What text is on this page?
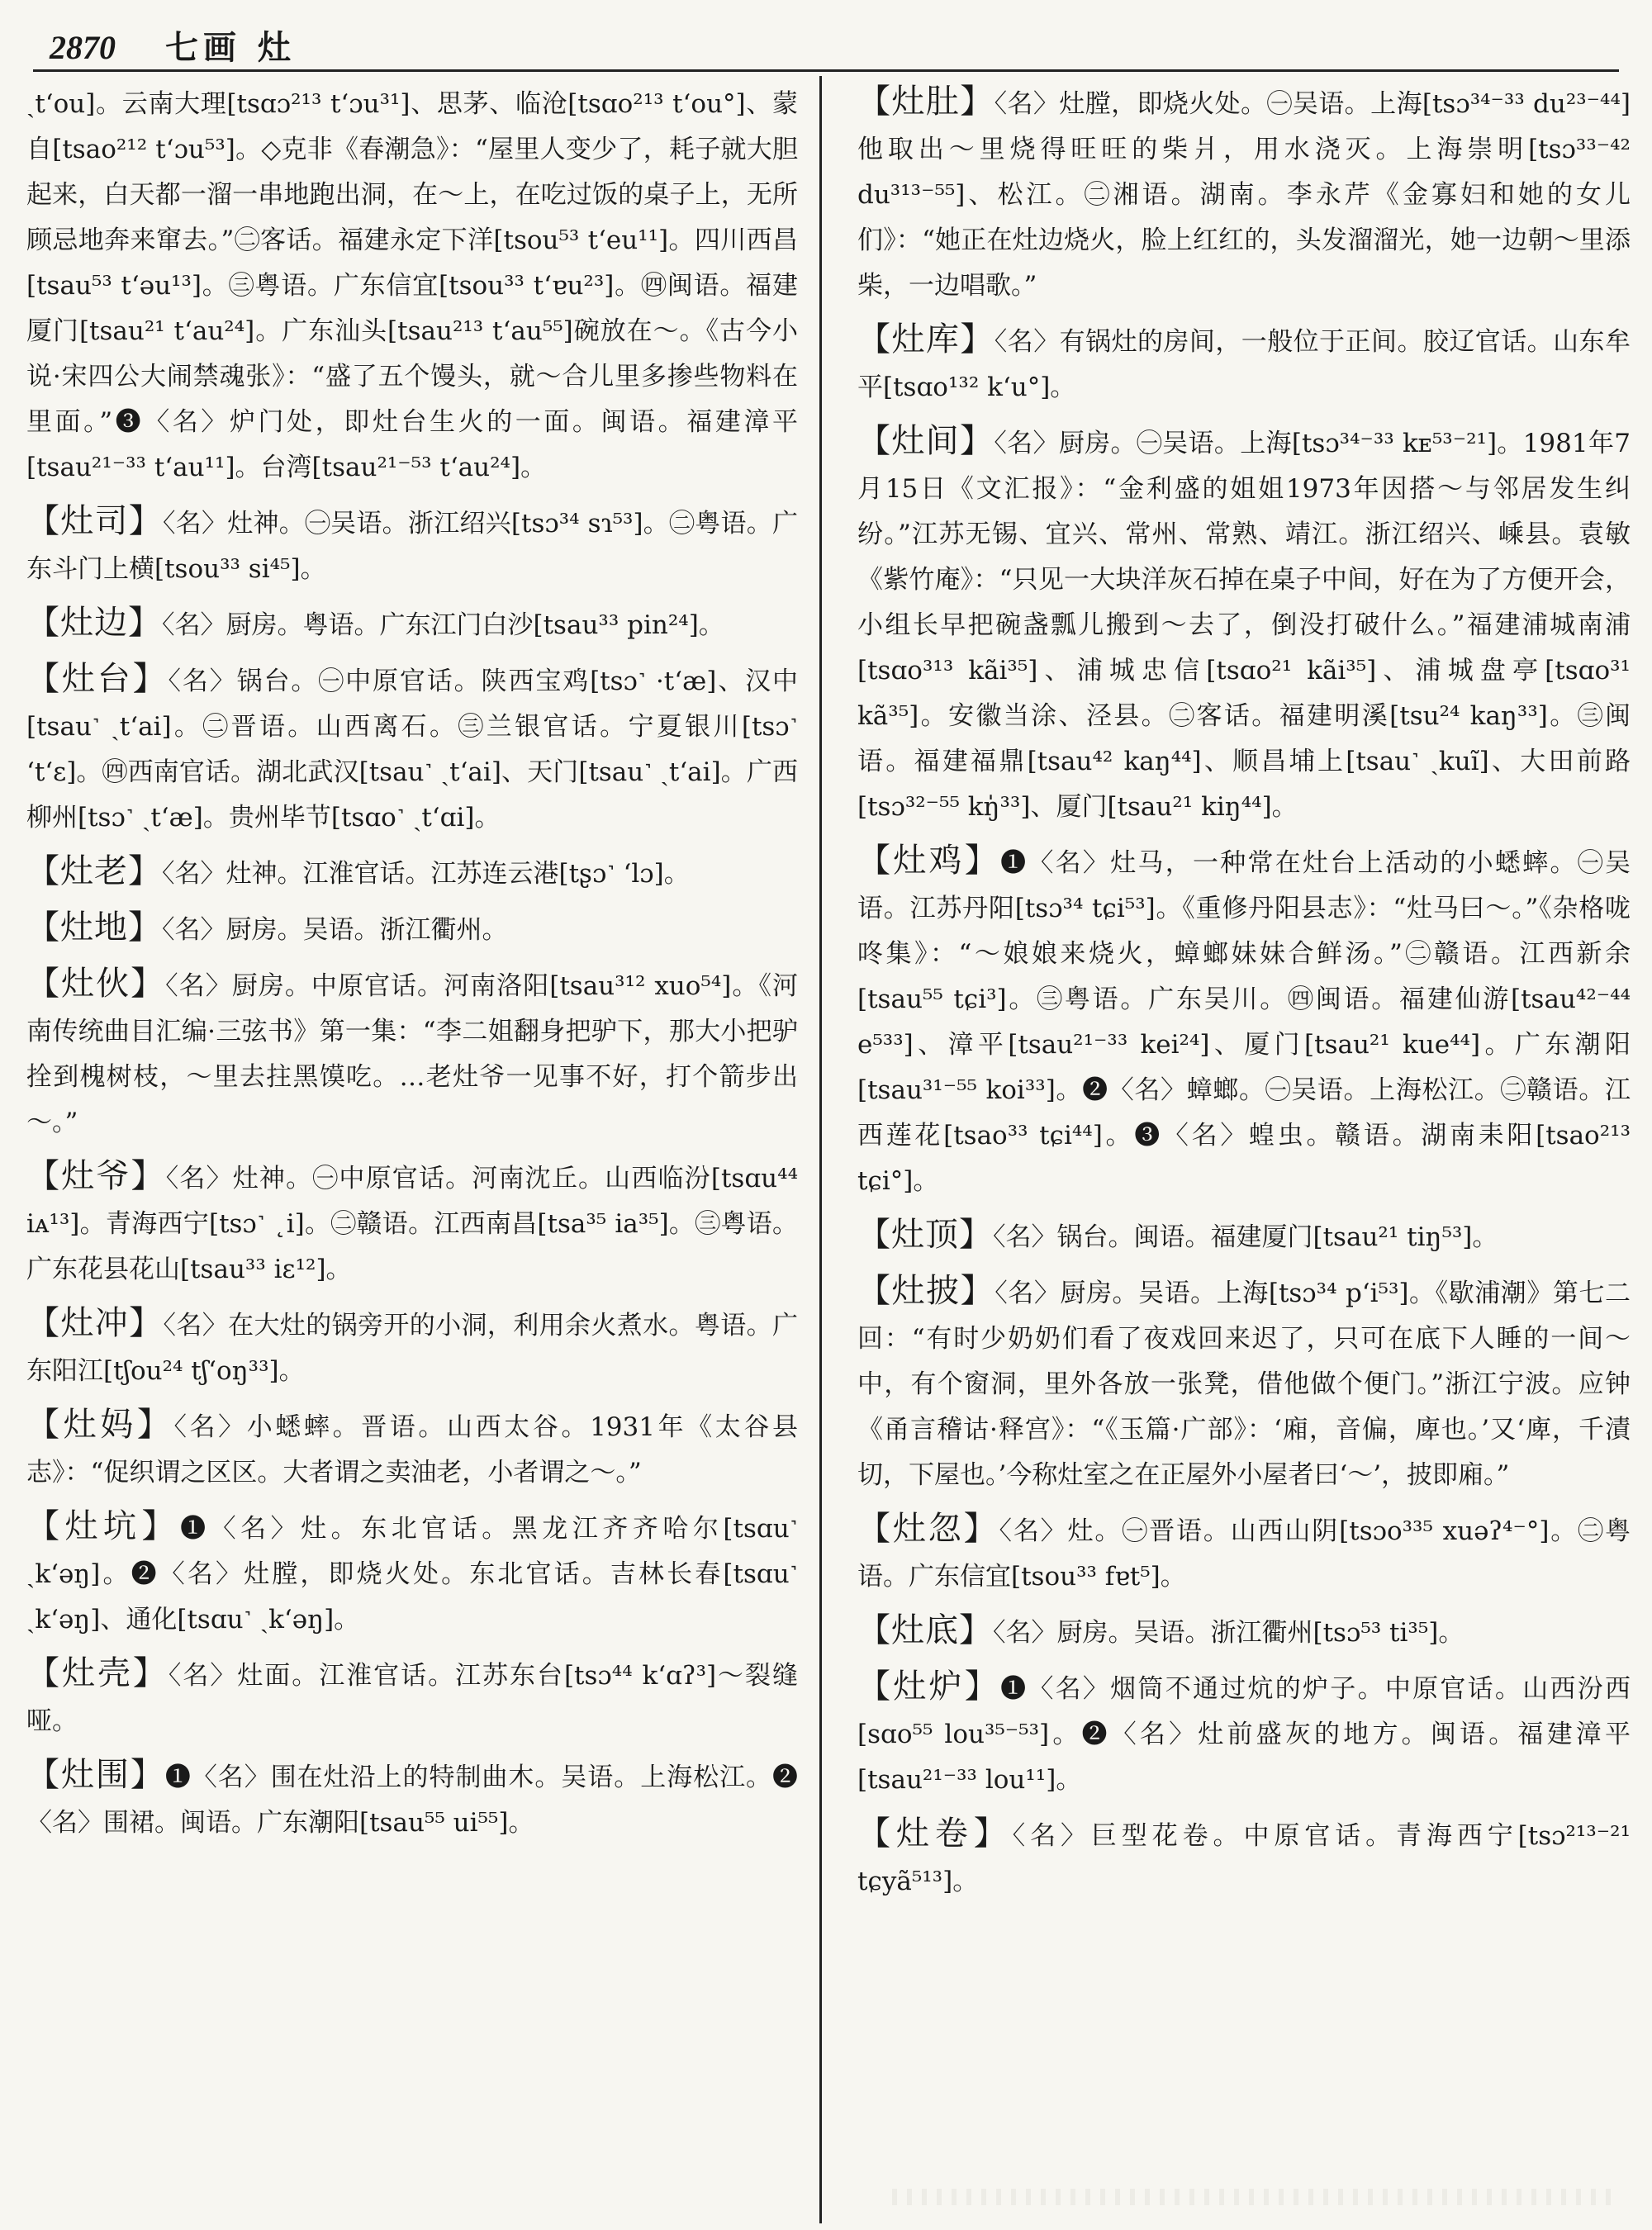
2870 七画 灶

ˏt‘ou]。云南大理[tsɑɔ²¹³ t‘ɔu³¹]、思茅、临沧[tsɑo²¹³ t‘ou°]、蒙自[tsao²¹² t‘ɔu⁵³]。◇克非《春潮急》：“屋里人变少了，耗子就大胆起来，白天都一溜一串地跑出洞，在～上，在吃过饭的桌子上，无所顾忌地奔来窜去。”㊁客话。福建永定下洋[tsou⁵³ t‘eu¹¹]。四川西昌[tsau⁵³ t‘əu¹³]。㊂粤语。广东信宜[tsou³³ t‘ɐu²³]。㊃闽语。福建厦门[tsau²¹ t‘au²⁴]。广东汕头[tsau²¹³ t‘au⁵⁵]碗放在～。《古今小说·宋四公大闹禁魂张》：“盛了五个馒头，就～合儿里多掺些物料在里面。”❸〈名〉炉门处，即灶台生火的一面。闽语。福建漳平[tsau²¹⁻³³ t‘au¹¹]。台湾[tsau²¹⁻⁵³ t‘au²⁴]。

【灶司】〈名〉灶神。㊀吴语。浙江绍兴[tsɔ³⁴ sɿ⁵³]。㊁粤语。广东斗门上横[tsou³³ si⁴⁵]。

【灶边】〈名〉厨房。粤语。广东江门白沙[tsau³³ pin²⁴]。

【灶台】〈名〉锅台。㊀中原官话。陕西宝鸡[tsɔ˺ ·t‘æ]、汉中[tsau˺ ˏt‘ai]。㊁晋语。山西离石。㊂兰银官话。宁夏银川[tsɔ˺ ‘t‘ɛ]。㊃西南官话。湖北武汉[tsau˺ ˏt‘ai]、天门[tsau˺ ˏt‘ai]。广西柳州[tsɔ˺ ˏt‘æ]。贵州毕节[tsɑo˺ ˏt‘ɑi]。

【灶老】〈名〉灶神。江淮官话。江苏连云港[tʂɔ˺ ‘lɔ]。

【灶地】〈名〉厨房。吴语。浙江衢州。

【灶伙】〈名〉厨房。中原官话。河南洛阳[tsau³¹² xuo⁵⁴]。《河南传统曲目汇编·三弦书》第一集：“李二姐翻身把驴下，那大小把驴拴到槐树枝，～里去拄黑馍吃。…老灶爷一见事不好，打个箭步出～。”

【灶爷】〈名〉灶神。㊀中原官话。河南沈丘。山西临汾[tsɑu⁴⁴ iᴀ¹³]。青海西宁[tsɔ˺ ˛i]。㊁赣语。江西南昌[tsa³⁵ ia³⁵]。㊂粤语。广东花县花山[tsau³³ iɛ¹²]。

【灶冲】〈名〉在大灶的锅旁开的小洞，利用余火煮水。粤语。广东阳江[tʃou²⁴ tʃ‘oŋ³³]。

【灶妈】〈名〉小蟋蟀。晋语。山西太谷。1931年《太谷县志》：“促织谓之区区。大者谓之卖油老，小者谓之～。”

【灶坑】❶〈名〉灶。东北官话。黑龙江齐齐哈尔[tsɑu˺ ˏk‘əŋ]。❷〈名〉灶膛，即烧火处。东北官话。吉林长春[tsɑu˺ ˏk‘əŋ]、通化[tsɑu˺ ˏk‘əŋ]。

【灶壳】〈名〉灶面。江淮官话。江苏东台[tsɔ⁴⁴ k‘ɑʔ³]～裂缝哑。

【灶围】❶〈名〉围在灶沿上的特制曲木。吴语。上海松江。❷〈名〉围裙。闽语。广东潮阳[tsau⁵⁵ ui⁵⁵]。

【灶肚】〈名〉灶膛，即烧火处。㊀吴语。上海[tsɔ³⁴⁻³³ du²³⁻⁴⁴]他取出～里烧得旺旺的柴爿，用水浇灭。上海崇明[tsɔ³³⁻⁴² du³¹³⁻⁵⁵]、松江。㊁湘语。湖南。李永芹《金寡妇和她的女儿们》：“她正在灶边烧火，脸上红红的，头发溜溜光，她一边朝～里添柴，一边唱歌。”

【灶库】〈名〉有锅灶的房间，一般位于正间。胶辽官话。山东牟平[tsɑo¹³² k‘u°]。

【灶间】〈名〉厨房。㊀吴语。上海[tsɔ³⁴⁻³³ kᴇ⁵³⁻²¹]。1981年7月15日《文汇报》：“金利盛的姐姐1973年因搭～与邻居发生纠纷。”江苏无锡、宜兴、常州、常熟、靖江。浙江绍兴、嵊县。袁敏《紫竹庵》：“只见一大块洋灰石掉在桌子中间，好在为了方便开会，小组长早把碗盏瓢儿搬到～去了，倒没打破什么。”福建浦城南浦[tsɑo³¹³ kãi³⁵]、浦城忠信[tsɑo²¹ kãi³⁵]、浦城盘亭[tsɑo³¹ kã³⁵]。安徽当涂、泾县。㊁客话。福建明溪[tsu²⁴ kaŋ³³]。㊂闽语。福建福鼎[tsau⁴² kaŋ⁴⁴]、顺昌埔上[tsau˺ ˏkuĩ]、大田前路[tsɔ³²⁻⁵⁵ kŋ̍³³]、厦门[tsau²¹ kiŋ⁴⁴]。

【灶鸡】❶〈名〉灶马，一种常在灶台上活动的小蟋蟀。㊀吴语。江苏丹阳[tsɔ³⁴ tɕi⁵³]。《重修丹阳县志》：“灶马曰～。”《杂格咙咚集》：“～娘娘来烧火，蟑螂妹妹合鲜汤。”㊁赣语。江西新余[tsau⁵⁵ tɕi³]。㊂粤语。广东吴川。㊃闽语。福建仙游[tsau⁴²⁻⁴⁴ e⁵³³]、漳平[tsau²¹⁻³³ kei²⁴]、厦门[tsau²¹ kue⁴⁴]。广东潮阳[tsau³¹⁻⁵⁵ koi³³]。❷〈名〉蟑螂。㊀吴语。上海松江。㊁赣语。江西莲花[tsao³³ tɕi⁴⁴]。❸〈名〉蝗虫。赣语。湖南耒阳[tsao²¹³ tɕi°]。

【灶顶】〈名〉锅台。闽语。福建厦门[tsau²¹ tiŋ⁵³]。

【灶披】〈名〉厨房。吴语。上海[tsɔ³⁴ p‘i⁵³]。《歇浦潮》第七二回：“有时少奶奶们看了夜戏回来迟了，只可在底下人睡的一间～中，有个窗洞，里外各放一张凳，借他做个便门。”浙江宁波。应钟《甬言稽诂·释宫》：“《玉篇·广部》：‘廂，音偏，庳也。’又‘庳，千漬切，下屋也。’今称灶室之在正屋外小屋者曰‘～’，披即廂。”

【灶忽】〈名〉灶。㊀晋语。山西山阴[tsɔo³³⁵ xuəʔ⁴⁻°]。㊁粤语。广东信宜[tsou³³ fɐt⁵]。

【灶底】〈名〉厨房。吴语。浙江衢州[tsɔ⁵³ ti³⁵]。

【灶炉】❶〈名〉烟筒不通过炕的炉子。中原官话。山西汾西[sɑo⁵⁵ lou³⁵⁻⁵³]。❷〈名〉灶前盛灰的地方。闽语。福建漳平[tsau²¹⁻³³ lou¹¹]。

【灶卷】〈名〉巨型花卷。中原官话。青海西宁[tsɔ²¹³⁻²¹ tɕyã⁵¹³]。
